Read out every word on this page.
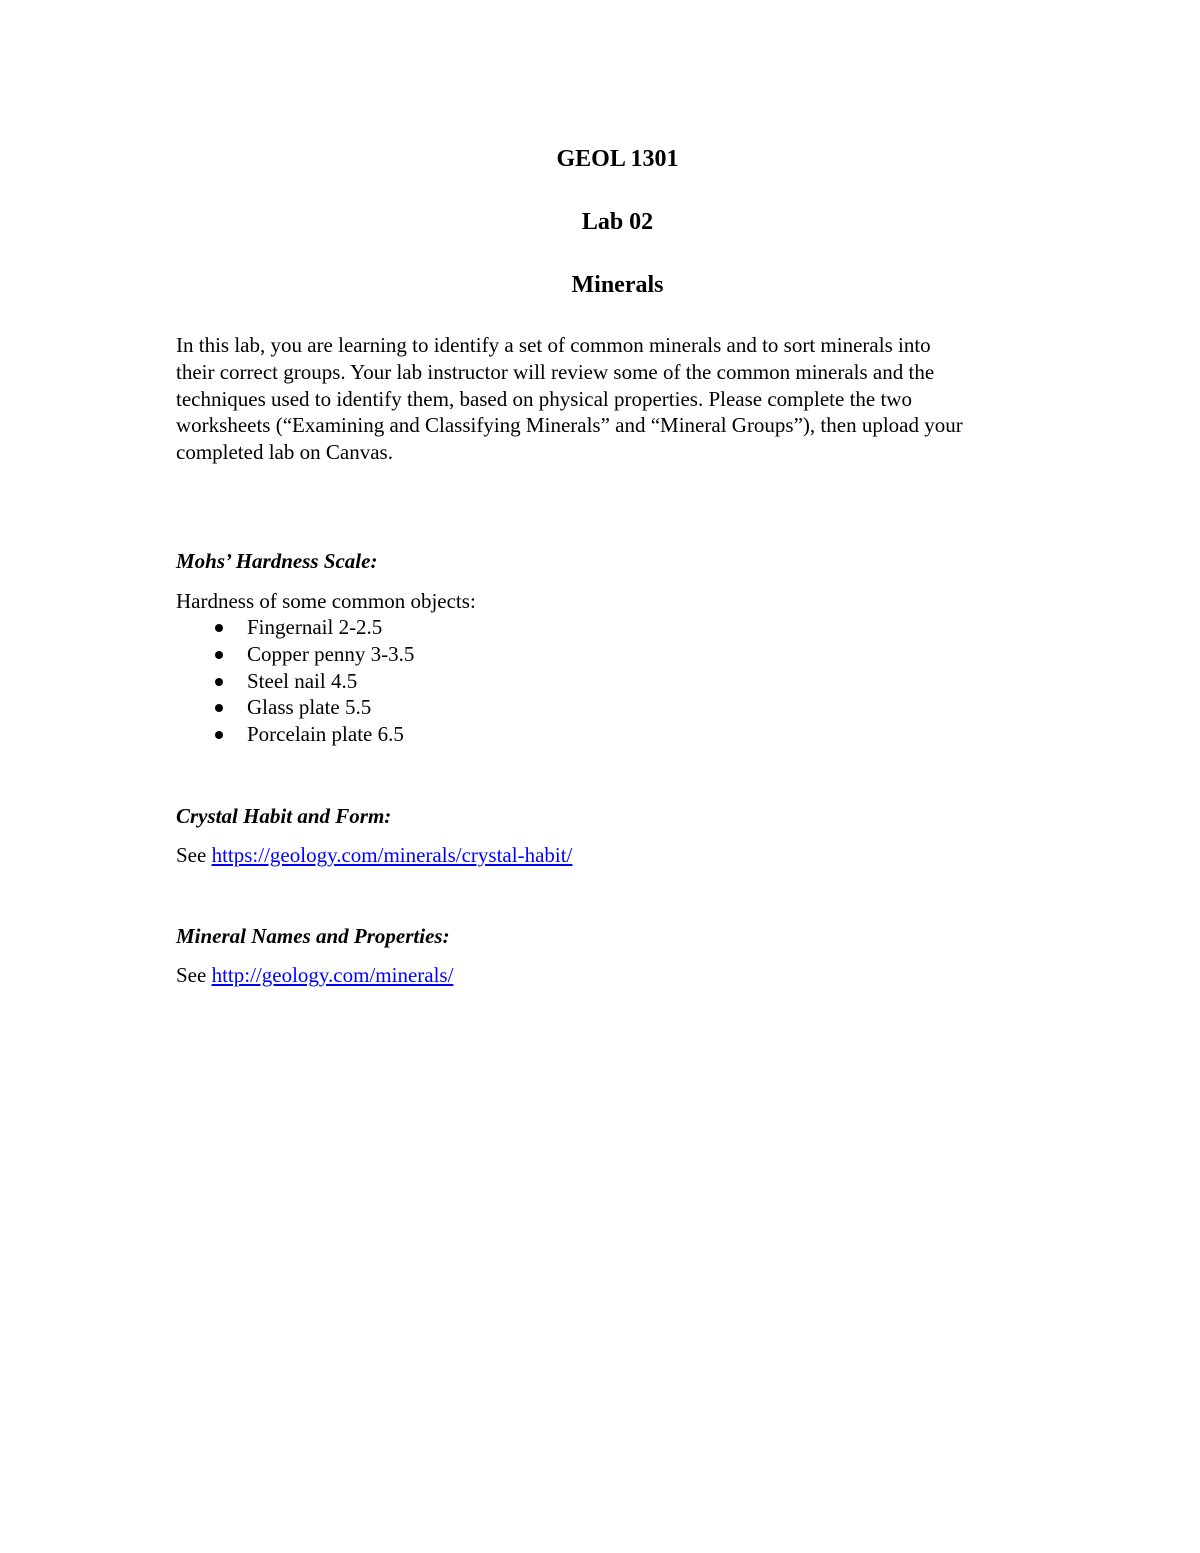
GEOL 1301

Lab 02

Minerals

In this lab, you are learning to identify a set of common minerals and to sort minerals into
their correct groups. Your lab instructor will review some of the common minerals and the
techniques used to identify them, based on physical properties. Please complete the two
worksheets (“Examining and Classifying Minerals” and “Mineral Groups”), then upload your
completed lab on Canvas.

Mohs’ Hardness Scale:

Hardness of some common objects:

Fingernail 2-2.5
Copper penny 3-3.5
Steel nail 4.5
Glass plate 5.5
Porcelain plate 6.5

Crystal Habit and Form:

See https://geology.com/minerals/crystal-habit/

Mineral Names and Properties:

See http://geology.com/minerals/
